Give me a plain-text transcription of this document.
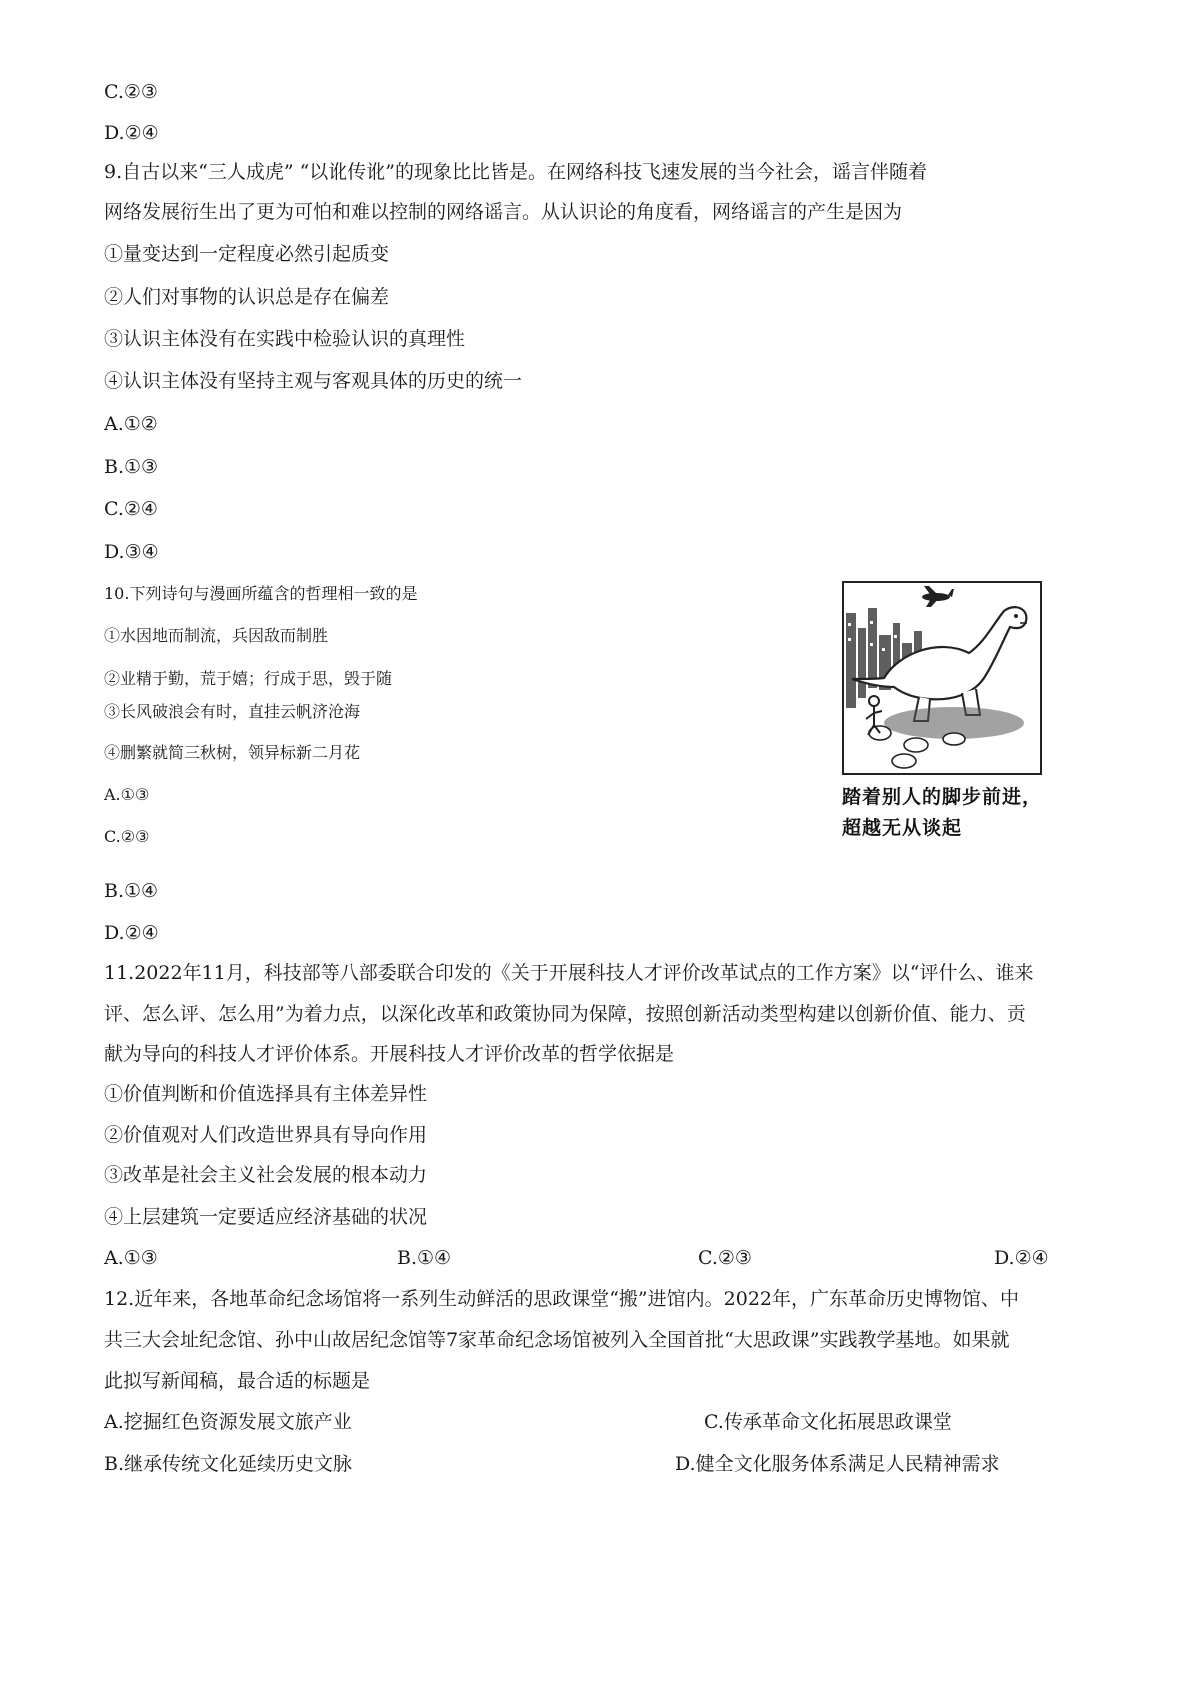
C.②③
D.②④
9.自古以来“三人成虎” “以讹传讹”的现象比比皆是。在网络科技飞速发展的当今社会，谣言伴随着
网络发展衍生出了更为可怕和难以控制的网络谣言。从认识论的角度看，网络谣言的产生是因为
①量变达到一定程度必然引起质变
②人们对事物的认识总是存在偏差
③认识主体没有在实践中检验认识的真理性
④认识主体没有坚持主观与客观具体的历史的统一
A.①②
B.①③
C.②④
D.③④
10.下列诗句与漫画所蕴含的哲理相一致的是
①水因地而制流，兵因敌而制胜
②业精于勤，荒于嬉；行成于思，毁于随
③长风破浪会有时，直挂云帆济沧海
④删繁就简三秋树，领异标新二月花
A.①③
C.②③
踏着别人的脚步前进，超越无从谈起
B.①④
D.②④
11.2022年11月，科技部等八部委联合印发的《关于开展科技人才评价改革试点的工作方案》以“评什么、谁来
评、怎么评、怎么用”为着力点，以深化改革和政策协同为保障，按照创新活动类型构建以创新价值、能力、贡
献为导向的科技人才评价体系。开展科技人才评价改革的哲学依据是
①价值判断和价值选择具有主体差异性
②价值观对人们改造世界具有导向作用
③改革是社会主义社会发展的根本动力
④上层建筑一定要适应经济基础的状况
A.①③	B.①④	C.②③	D.②④
12.近年来，各地革命纪念场馆将一系列生动鲜活的思政课堂“搬”进馆内。2022年，广东革命历史博物馆、中
共三大会址纪念馆、孙中山故居纪念馆等7家革命纪念场馆被列入全国首批“大思政课”实践教学基地。如果就
此拟写新闻稿，最合适的标题是
A.挖掘红色资源发展文旅产业	C.传承革命文化拓展思政课堂
B.继承传统文化延续历史文脉	D.健全文化服务体系满足人民精神需求
